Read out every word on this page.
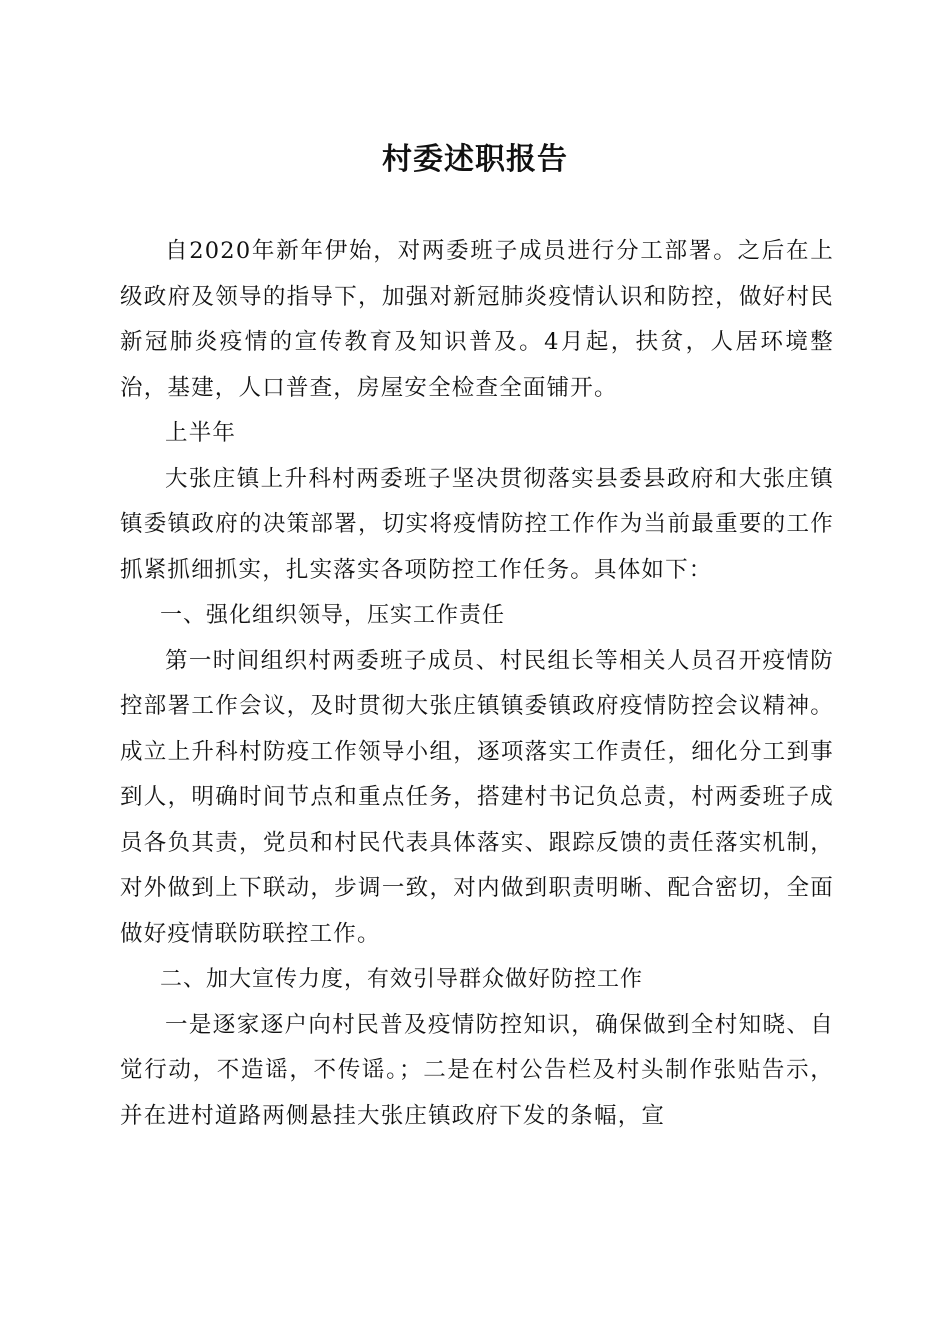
村委述职报告

自2020年新年伊始，对两委班子成员进行分工部署。之后在上级政府及领导的指导下，加强对新冠肺炎疫情认识和防控，做好村民新冠肺炎疫情的宣传教育及知识普及。4月起，扶贫，人居环境整治，基建，人口普查，房屋安全检查全面铺开。

上半年

大张庄镇上升科村两委班子坚决贯彻落实县委县政府和大张庄镇镇委镇政府的决策部署，切实将疫情防控工作作为当前最重要的工作抓紧抓细抓实，扎实落实各项防控工作任务。具体如下：

一、强化组织领导，压实工作责任

第一时间组织村两委班子成员、村民组长等相关人员召开疫情防控部署工作会议，及时贯彻大张庄镇镇委镇政府疫情防控会议精神。成立上升科村防疫工作领导小组，逐项落实工作责任，细化分工到事到人，明确时间节点和重点任务，搭建村书记负总责，村两委班子成员各负其责，党员和村民代表具体落实、跟踪反馈的责任落实机制，对外做到上下联动，步调一致，对内做到职责明晰、配合密切，全面做好疫情联防联控工作。

二、加大宣传力度，有效引导群众做好防控工作

一是逐家逐户向村民普及疫情防控知识，确保做到全村知晓、自觉行动，不造谣，不传谣。；二是在村公告栏及村头制作张贴告示，并在进村道路两侧悬挂大张庄镇政府下发的条幅，宣
